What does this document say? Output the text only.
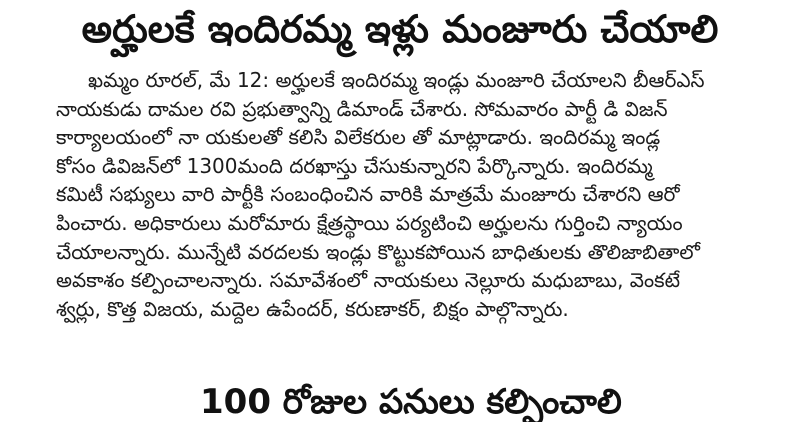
అర్హులకే ఇందిరమ్మ ఇళ్లు మంజూరు చేయాలి
ఖమ్మం రూరల్, మే 12: అర్హులకే ఇందిరమ్మ ఇండ్లు మంజూరి చేయాలని బీఆర్ఎస్
నాయకుడు దామల రవి ప్రభుత్వాన్ని డిమాండ్ చేశారు. సోమవారం పార్టీ డి విజన్
కార్యాలయంలో నా యకులతో కలిసి విలేకరుల తో మాట్లాడారు. ఇందిరమ్మ ఇండ్ల
కోసం డివిజన్‌లో 1300మంది దరఖాస్తు చేసుకున్నారని పేర్కొన్నారు. ఇందిరమ్మ
కమిటీ సభ్యులు వారి పార్టీకి సంబంధించిన వారికి మాత్రమే మంజూరు చేశారని ఆరో
పించారు. అధికారులు మరోమారు క్షేత్రస్థాయి పర్యటించి అర్హులను గుర్తించి న్యాయం
చేయాలన్నారు. మున్నేటి వరదలకు ఇండ్లు కొట్టుకపోయిన బాధితులకు తొలిజాబితాలో
అవకాశం కల్పించాలన్నారు. సమావేశంలో నాయకులు నెల్లూరు మధుబాబు, వెంకటే
శ్వర్లు, కొత్త విజయ, మద్దెల ఉపేందర్, కరుణాకర్, బిక్షం పాల్గొన్నారు.
100 రోజుల పనులు కల్పించాలి
